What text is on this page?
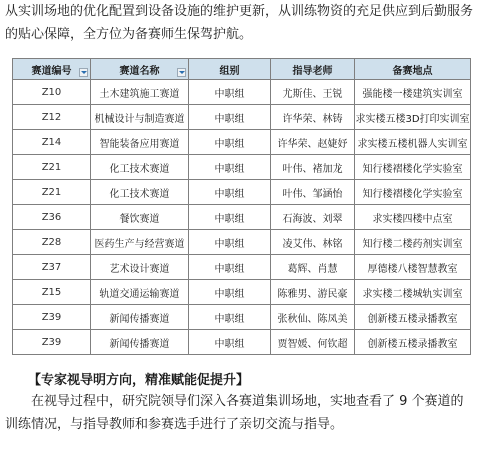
从实训场地的优化配置到设备设施的维护更新，从训练物资的充足供应到后勤服务的贴心保障，全方位为备赛师生保驾护航。

赛道编号	赛道名称	组别	指导老师	备赛地点
Z10	土木建筑施工赛道	中职组	尤斯佳、王锐	强能楼一楼建筑实训室
Z12	机械设计与制造赛道	中职组	许华荣、林铸	求实楼五楼3D打印实训室
Z14	智能装备应用赛道	中职组	许华荣、赵婕妤	求实楼五楼机器人实训室
Z21	化工技术赛道	中职组	叶伟、褚加龙	知行楼褶楼化学实验室
Z21	化工技术赛道	中职组	叶伟、邹涵怡	知行楼褶楼化学实验室
Z36	餐饮赛道	中职组	石海波、刘翠	求实楼四楼中点室
Z28	医药生产与经营赛道	中职组	凌艾伟、林铭	知行楼二楼药剂实训室
Z37	艺术设计赛道	中职组	葛辉、肖慧	厚德楼八楼智慧教室
Z15	轨道交通运输赛道	中职组	陈雅男、游民豪	求实楼二楼城轨实训室
Z39	新闻传播赛道	中职组	张秋仙、陈凤美	创新楼五楼录播教室
Z39	新闻传播赛道	中职组	贾智媛、何钦超	创新楼五楼录播教室

【专家视导明方向，精准赋能促提升】

在视导过程中，研究院领导们深入各赛道集训场地，实地查看了 9 个赛道的训练情况，与指导教师和参赛选手进行了亲切交流与指导。
